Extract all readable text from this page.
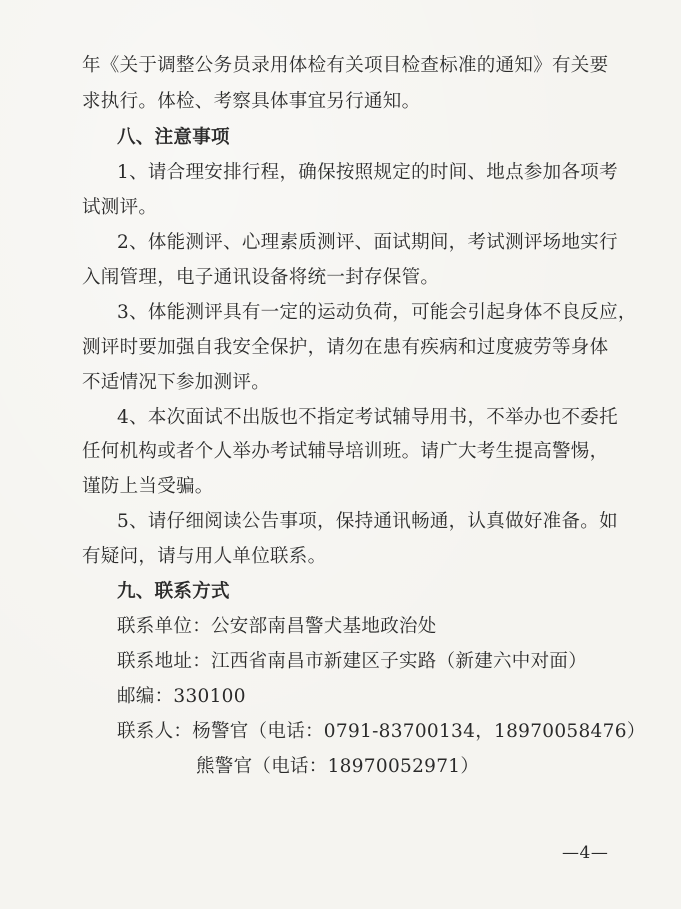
年《关于调整公务员录用体检有关项目检查标准的通知》有关要
求执行。体检、考察具体事宜另行通知。
八、注意事项
1、请合理安排行程，确保按照规定的时间、地点参加各项考
试测评。
2、体能测评、心理素质测评、面试期间，考试测评场地实行
入闱管理，电子通讯设备将统一封存保管。
3、体能测评具有一定的运动负荷，可能会引起身体不良反应，
测评时要加强自我安全保护，请勿在患有疾病和过度疲劳等身体
不适情况下参加测评。
4、本次面试不出版也不指定考试辅导用书，不举办也不委托
任何机构或者个人举办考试辅导培训班。请广大考生提高警惕，
谨防上当受骗。
5、请仔细阅读公告事项，保持通讯畅通，认真做好准备。如
有疑问，请与用人单位联系。
九、联系方式
联系单位：公安部南昌警犬基地政治处
联系地址：江西省南昌市新建区子实路（新建六中对面）
邮编：330100
联系人：杨警官（电话：0791-83700134，18970058476）
熊警官（电话：18970052971）
—4—
